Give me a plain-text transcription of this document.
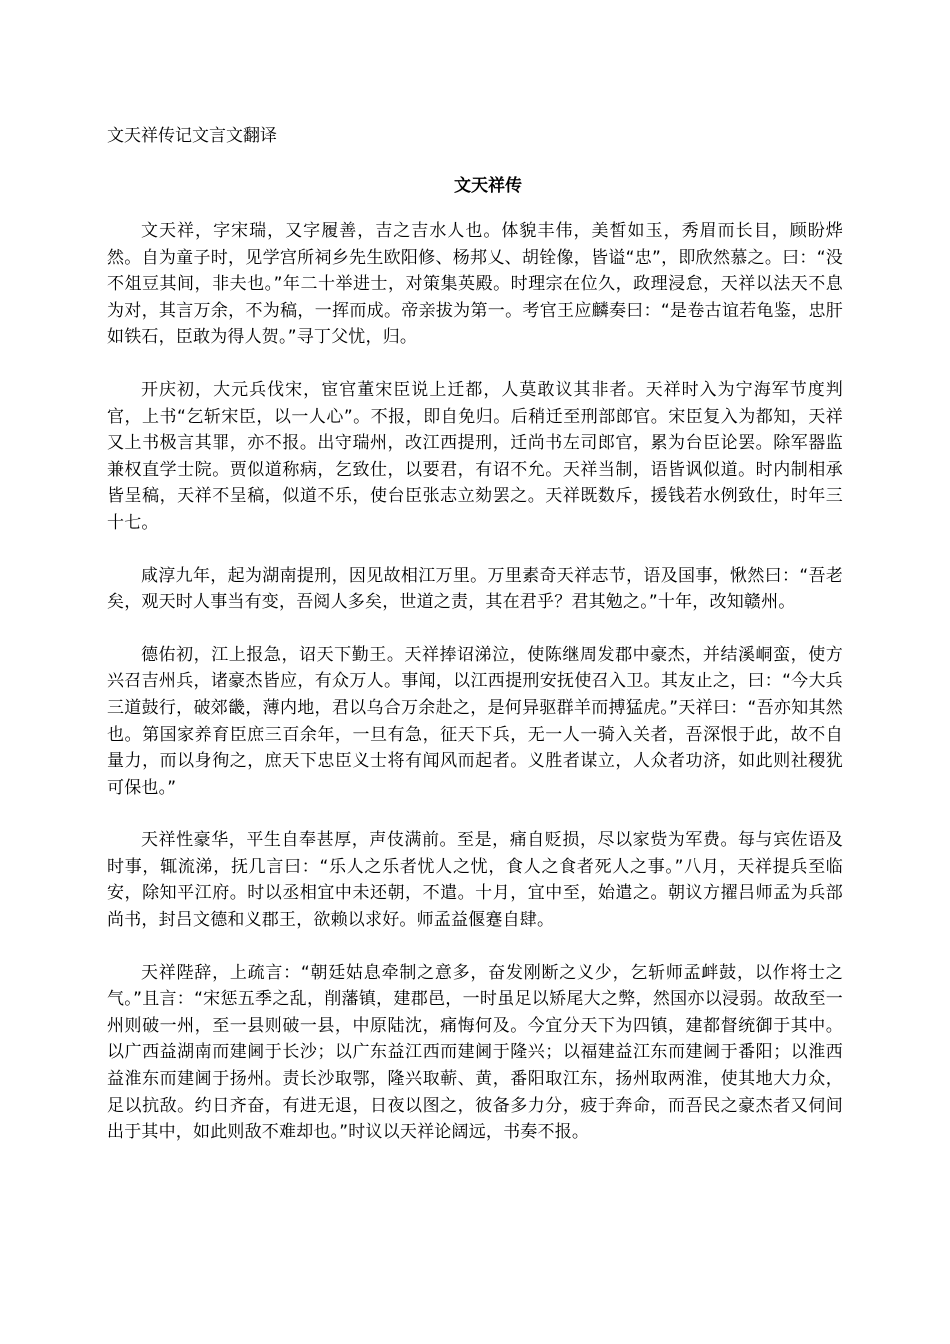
文天祥传记文言文翻译
文天祥传

文天祥，字宋瑞，又字履善，吉之吉水人也。体貌丰伟，美皙如玉，秀眉而长目，顾盼烨然。自为童子时，见学宫所祠乡先生欧阳修、杨邦乂、胡铨像，皆谥“忠”，即欣然慕之。曰：“没不俎豆其间，非夫也。”年二十举进士，对策集英殿。时理宗在位久，政理浸怠，天祥以法天不息为对，其言万余，不为稿，一挥而成。帝亲拔为第一。考官王应麟奏曰：“是卷古谊若龟鉴，忠肝如铁石，臣敢为得人贺。”寻丁父忧，归。

开庆初，大元兵伐宋，宦官董宋臣说上迁都，人莫敢议其非者。天祥时入为宁海军节度判官，上书“乞斩宋臣，以一人心”。不报，即自免归。后稍迁至刑部郎官。宋臣复入为都知，天祥又上书极言其罪，亦不报。出守瑞州，改江西提刑，迁尚书左司郎官，累为台臣论罢。除军器监兼权直学士院。贾似道称病，乞致仕，以要君，有诏不允。天祥当制，语皆讽似道。时内制相承皆呈稿，天祥不呈稿，似道不乐，使台臣张志立劾罢之。天祥既数斥，援钱若水例致仕，时年三十七。

咸淳九年，起为湖南提刑，因见故相江万里。万里素奇天祥志节，语及国事，愀然曰：“吾老矣，观天时人事当有变，吾阅人多矣，世道之责，其在君乎？君其勉之。”十年，改知赣州。

德佑初，江上报急，诏天下勤王。天祥捧诏涕泣，使陈继周发郡中豪杰，并结溪峒蛮，使方兴召吉州兵，诸豪杰皆应，有众万人。事闻，以江西提刑安抚使召入卫。其友止之，曰：“今大兵三道鼓行，破郊畿，薄内地，君以乌合万余赴之，是何异驱群羊而搏猛虎。”天祥曰：“吾亦知其然也。第国家养育臣庶三百余年，一旦有急，征天下兵，无一人一骑入关者，吾深恨于此，故不自量力，而以身徇之，庶天下忠臣义士将有闻风而起者。义胜者谋立，人众者功济，如此则社稷犹可保也。”

天祥性豪华，平生自奉甚厚，声伎满前。至是，痛自贬损，尽以家赀为军费。每与宾佐语及时事，辄流涕，抚几言曰：“乐人之乐者忧人之忧，食人之食者死人之事。”八月，天祥提兵至临安，除知平江府。时以丞相宜中未还朝，不遣。十月，宜中至，始遣之。朝议方擢吕师孟为兵部尚书，封吕文德和义郡王，欲赖以求好。师孟益偃蹇自肆。

天祥陛辞，上疏言：“朝廷姑息牵制之意多，奋发刚断之义少，乞斩师孟衅鼓，以作将士之气。”且言：“宋惩五季之乱，削藩镇，建郡邑，一时虽足以矫尾大之弊，然国亦以浸弱。故敌至一州则破一州，至一县则破一县，中原陆沈，痛悔何及。今宜分天下为四镇，建都督统御于其中。以广西益湖南而建阃于长沙；以广东益江西而建阃于隆兴；以福建益江东而建阃于番阳；以淮西益淮东而建阃于扬州。责长沙取鄂，隆兴取蕲、黄，番阳取江东，扬州取两淮，使其地大力众，足以抗敌。约日齐奋，有进无退，日夜以图之，彼备多力分，疲于奔命，而吾民之豪杰者又伺间出于其中，如此则敌不难却也。”时议以天祥论阔远，书奏不报。
